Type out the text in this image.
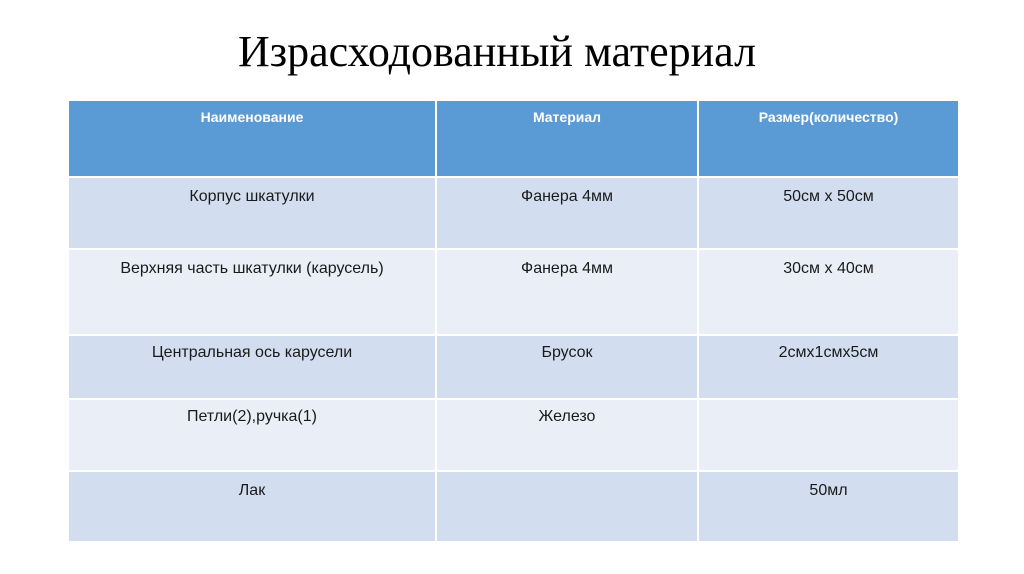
Израсходованный материал
Наименование	Материал	Размер(количество)
Корпус шкатулки	Фанера 4мм	50см х 50см
Верхняя часть шкатулки (карусель)	Фанера 4мм	30см х 40см
Центральная ось карусели	Брусок	2смх1смх5см
Петли(2),ручка(1)	Железо	
Лак		50мл
